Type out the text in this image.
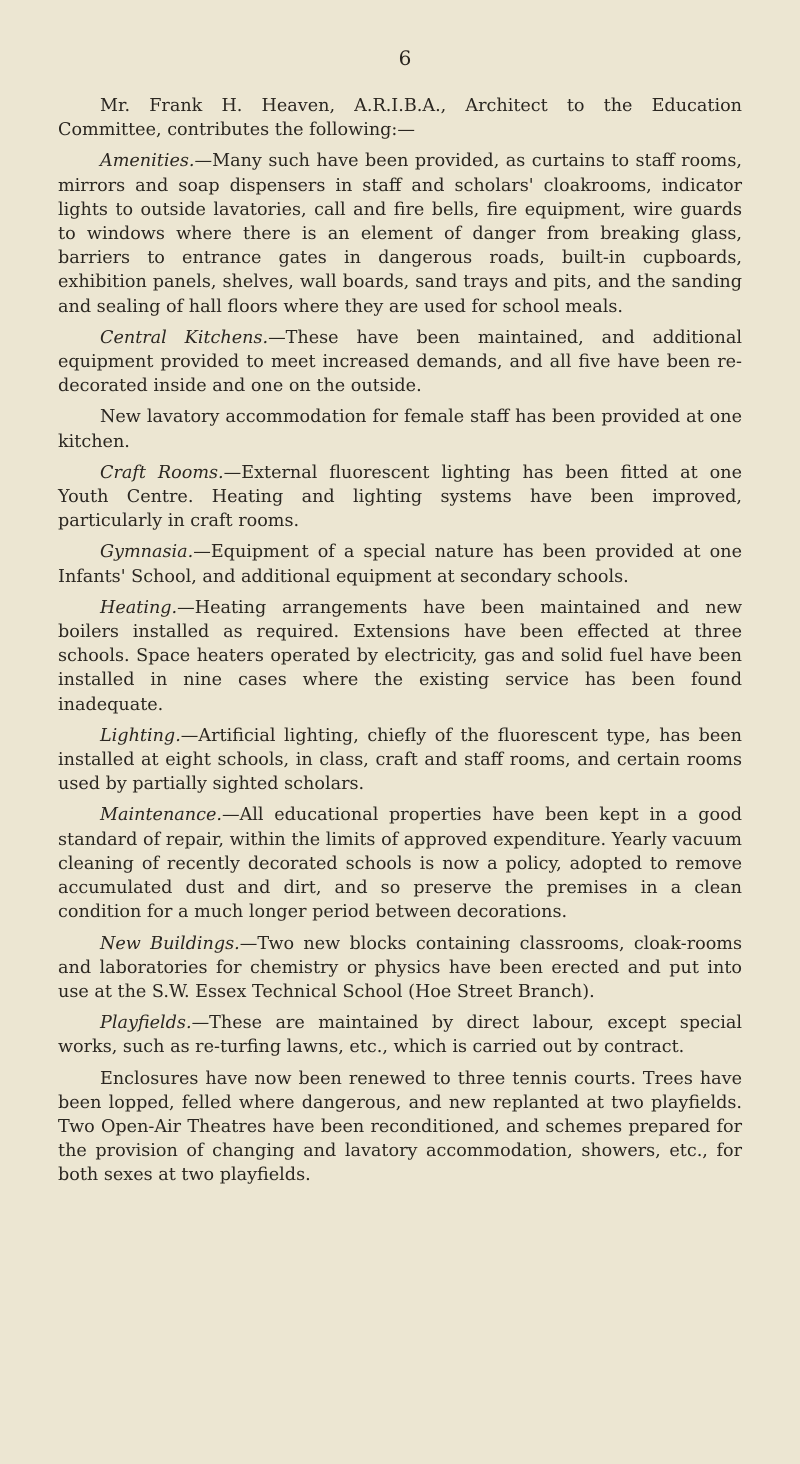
6

Mr. Frank H. Heaven, A.R.I.B.A., Architect to the Education Committee, contributes the following:—

Amenities.—Many such have been provided, as curtains to staff rooms, mirrors and soap dispensers in staff and scholars' cloakrooms, indicator lights to outside lavatories, call and fire bells, fire equipment, wire guards to windows where there is an element of danger from breaking glass, barriers to entrance gates in dangerous roads, built-in cupboards, exhibition panels, shelves, wall boards, sand trays and pits, and the sanding and sealing of hall floors where they are used for school meals.

Central Kitchens.—These have been maintained, and additional equipment provided to meet increased demands, and all five have been re-decorated inside and one on the outside.

New lavatory accommodation for female staff has been provided at one kitchen.

Craft Rooms.—External fluorescent lighting has been fitted at one Youth Centre. Heating and lighting systems have been improved, particularly in craft rooms.

Gymnasia.—Equipment of a special nature has been provided at one Infants' School, and additional equipment at secondary schools.

Heating.—Heating arrangements have been maintained and new boilers installed as required. Extensions have been effected at three schools. Space heaters operated by electricity, gas and solid fuel have been installed in nine cases where the existing service has been found inadequate.

Lighting.—Artificial lighting, chiefly of the fluorescent type, has been installed at eight schools, in class, craft and staff rooms, and certain rooms used by partially sighted scholars.

Maintenance.—All educational properties have been kept in a good standard of repair, within the limits of approved expenditure. Yearly vacuum cleaning of recently decorated schools is now a policy, adopted to remove accumulated dust and dirt, and so preserve the premises in a clean condition for a much longer period between decorations.

New Buildings.—Two new blocks containing classrooms, cloak-rooms and laboratories for chemistry or physics have been erected and put into use at the S.W. Essex Technical School (Hoe Street Branch).

Playfields.—These are maintained by direct labour, except special works, such as re-turfing lawns, etc., which is carried out by contract.

Enclosures have now been renewed to three tennis courts. Trees have been lopped, felled where dangerous, and new replanted at two playfields. Two Open-Air Theatres have been reconditioned, and schemes prepared for the provision of changing and lavatory accommodation, showers, etc., for both sexes at two playfields.
